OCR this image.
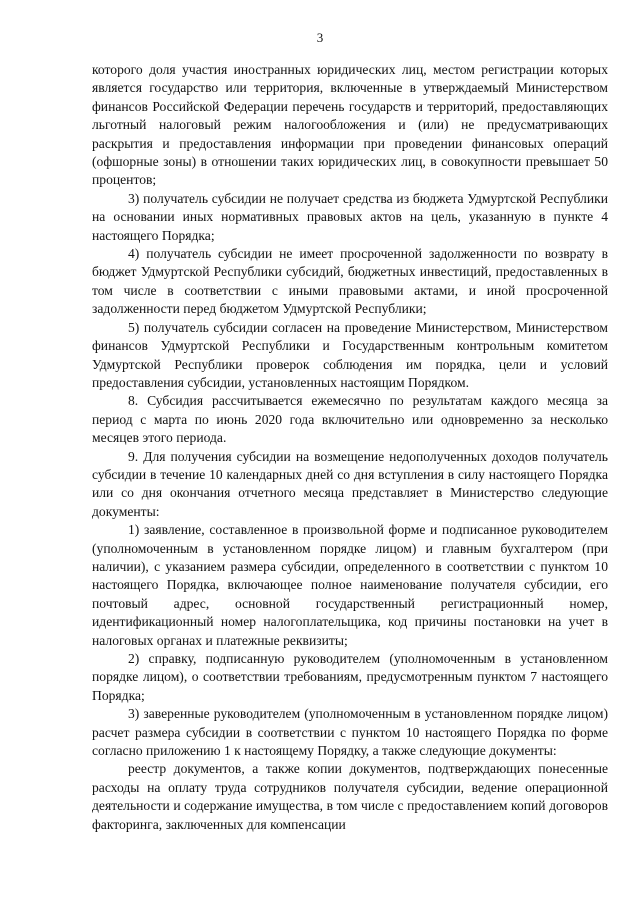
3

которого доля участия иностранных юридических лиц, местом регистрации которых является государство или территория, включенные в утверждаемый Министерством финансов Российской Федерации перечень государств и территорий, предоставляющих льготный налоговый режим налогообложения и (или) не предусматривающих раскрытия и предоставления информации при проведении финансовых операций (офшорные зоны) в отношении таких юридических лиц, в совокупности превышает 50 процентов;

3) получатель субсидии не получает средства из бюджета Удмуртской Республики на основании иных нормативных правовых актов на цель, указанную в пункте 4 настоящего Порядка;

4) получатель субсидии не имеет просроченной задолженности по возврату в бюджет Удмуртской Республики субсидий, бюджетных инвестиций, предоставленных в том числе в соответствии с иными правовыми актами, и иной просроченной задолженности перед бюджетом Удмуртской Республики;

5) получатель субсидии согласен на проведение Министерством, Министерством финансов Удмуртской Республики и Государственным контрольным комитетом Удмуртской Республики проверок соблюдения им порядка, цели и условий предоставления субсидии, установленных настоящим Порядком.

8. Субсидия рассчитывается ежемесячно по результатам каждого месяца за период с марта по июнь 2020 года включительно или одновременно за несколько месяцев этого периода.

9. Для получения субсидии на возмещение недополученных доходов получатель субсидии в течение 10 календарных дней со дня вступления в силу настоящего Порядка или со дня окончания отчетного месяца представляет в Министерство следующие документы:

1) заявление, составленное в произвольной форме и подписанное руководителем (уполномоченным в установленном порядке лицом) и главным бухгалтером (при наличии), с указанием размера субсидии, определенного в соответствии с пунктом 10 настоящего Порядка, включающее полное наименование получателя субсидии, его почтовый адрес, основной государственный регистрационный номер, идентификационный номер налогоплательщика, код причины постановки на учет в налоговых органах и платежные реквизиты;

2) справку, подписанную руководителем (уполномоченным в установленном порядке лицом), о соответствии требованиям, предусмотренным пунктом 7 настоящего Порядка;

3) заверенные руководителем (уполномоченным в установленном порядке лицом) расчет размера субсидии в соответствии с пунктом 10 настоящего Порядка по форме согласно приложению 1 к настоящему Порядку, а также следующие документы:

реестр документов, а также копии документов, подтверждающих понесенные расходы на оплату труда сотрудников получателя субсидии, ведение операционной деятельности и содержание имущества, в том числе с предоставлением копий договоров факторинга, заключенных для компенсации
